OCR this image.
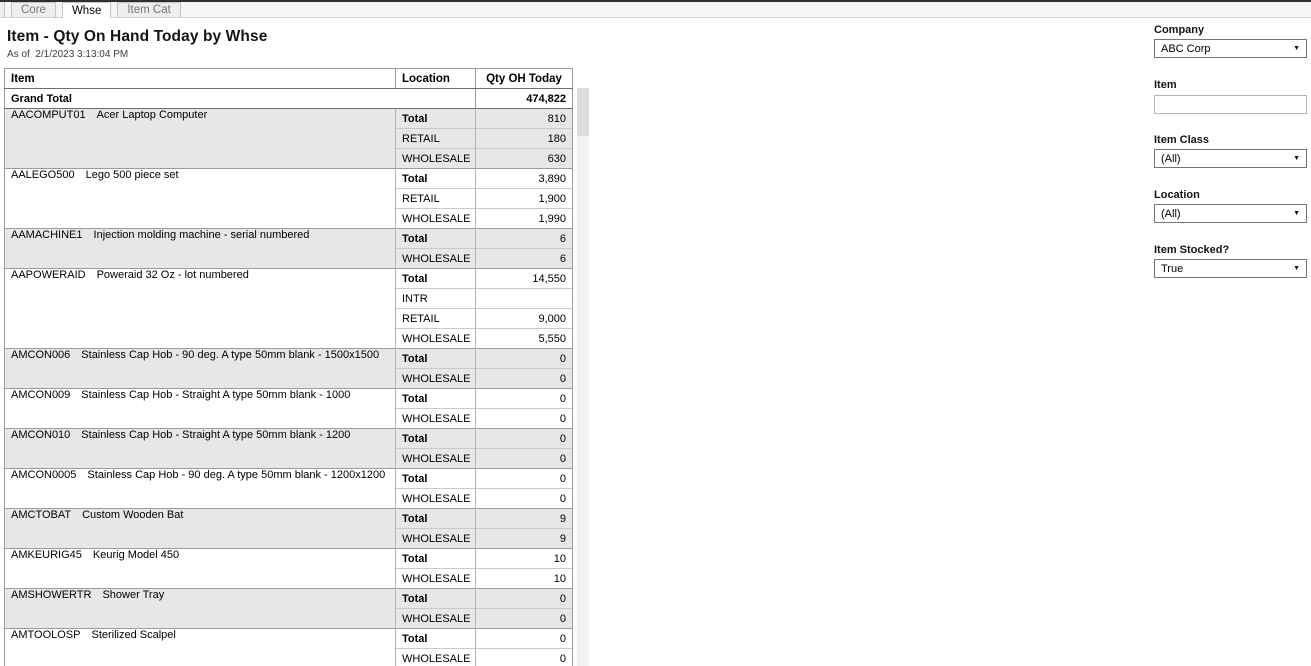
Core Whse Item Cat
Item - Qty On Hand Today by Whse
As of  2/1/2023 3:13:04 PM
Item	Location	Qty OH Today
Grand Total		474,822
AACOMPUT01 Acer Laptop Computer	Total	810
	RETAIL	180
	WHOLESALE	630
AALEGO500 Lego 500 piece set	Total	3,890
	RETAIL	1,900
	WHOLESALE	1,990
AAMACHINE1 Injection molding machine - serial numbered	Total	6
	WHOLESALE	6
AAPOWERAID Poweraid 32 Oz - lot numbered	Total	14,550
	INTR	
	RETAIL	9,000
	WHOLESALE	5,550
AMCON006 Stainless Cap Hob - 90 deg. A type 50mm blank - 1500x1500	Total	0
	WHOLESALE	0
AMCON009 Stainless Cap Hob - Straight A type 50mm blank - 1000	Total	0
	WHOLESALE	0
AMCON010 Stainless Cap Hob - Straight A type 50mm blank - 1200	Total	0
	WHOLESALE	0
AMCON0005 Stainless Cap Hob - 90 deg. A type 50mm blank - 1200x1200	Total	0
	WHOLESALE	0
AMCTOBAT Custom Wooden Bat	Total	9
	WHOLESALE	9
AMKEURIG45 Keurig Model 450	Total	10
	WHOLESALE	10
AMSHOWERTR Shower Tray	Total	0
	WHOLESALE	0
AMTOOLOSP Sterilized Scalpel	Total	0
	WHOLESALE	0
Company
ABC Corp	▼
Item
Item Class
(All)	▼
Location
(All)	▼
Item Stocked?
True	▼
